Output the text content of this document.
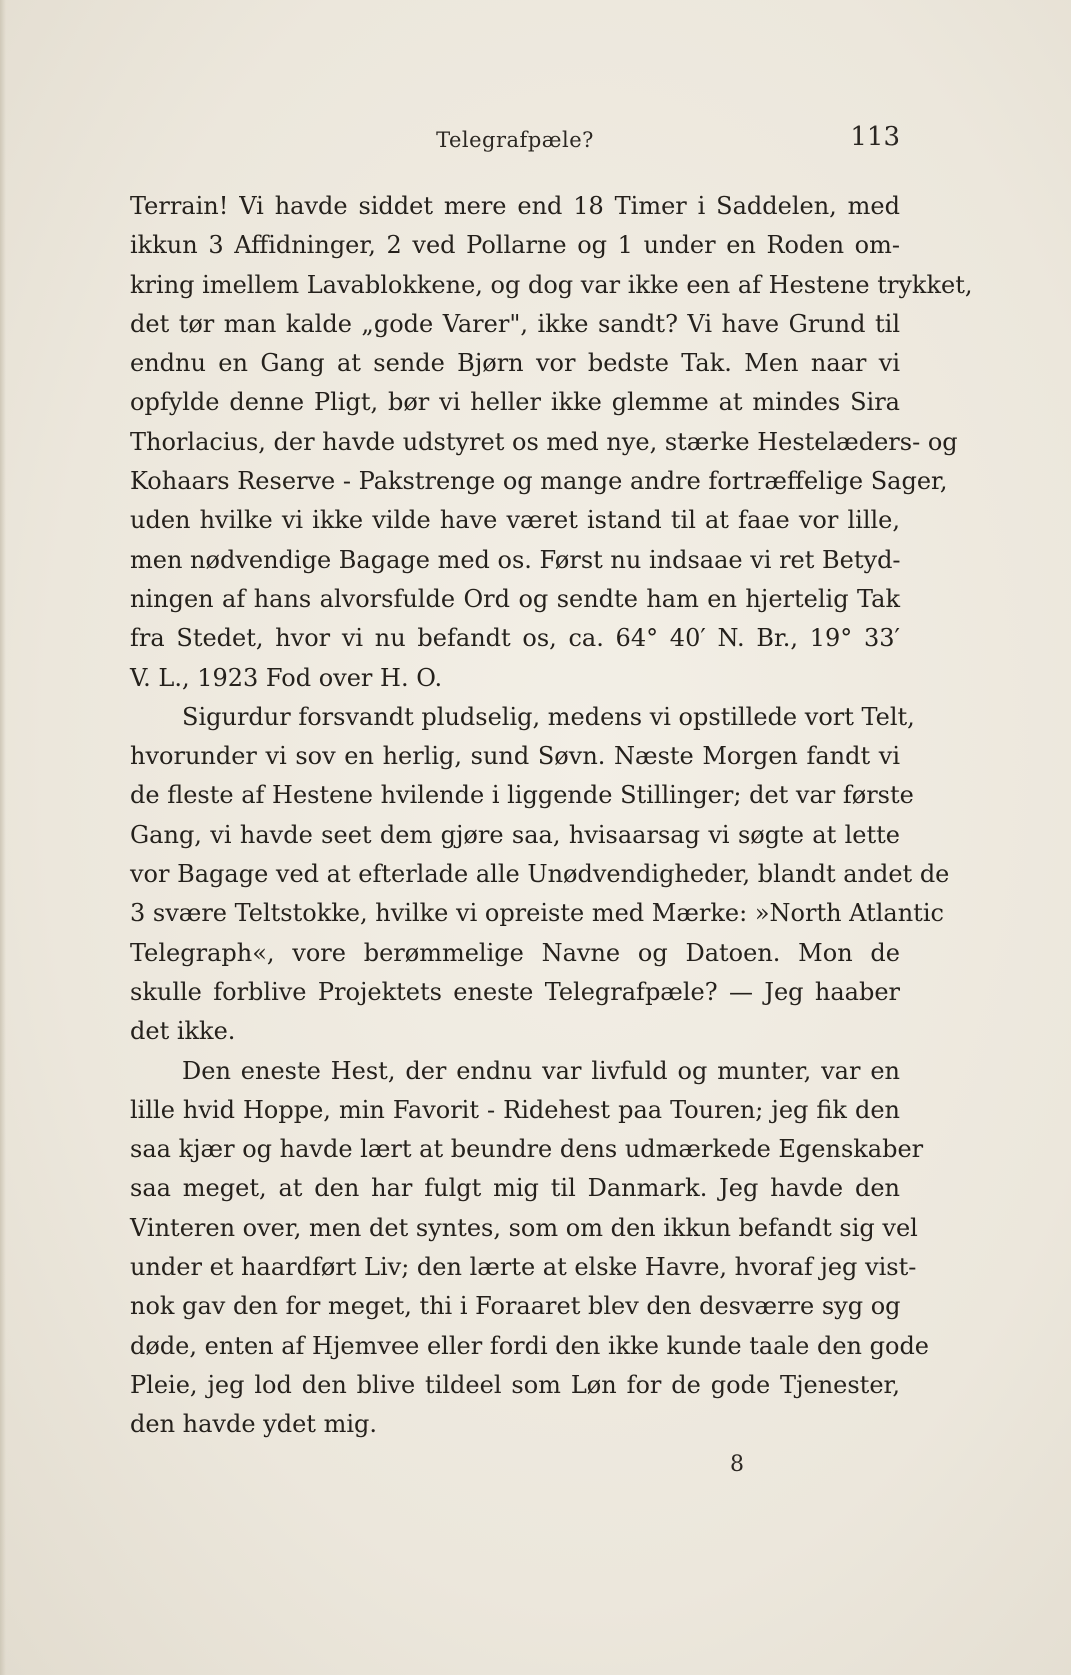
Telegrafpæle?	113
Terrain! Vi havde siddet mere end 18 Timer i Saddelen, med
ikkun 3 Affidninger, 2 ved Pollarne og 1 under en Roden om-
kring imellem Lavablokkene, og dog var ikke een af Hestene trykket,
det tør man kalde „gode Varer", ikke sandt? Vi have Grund til
endnu en Gang at sende Bjørn vor bedste Tak. Men naar vi
opfylde denne Pligt, bør vi heller ikke glemme at mindes Sira
Thorlacius, der havde udstyret os med nye, stærke Hestelæders- og
Kohaars Reserve - Pakstrenge og mange andre fortræffelige Sager,
uden hvilke vi ikke vilde have været istand til at faae vor lille,
men nødvendige Bagage med os. Først nu indsaae vi ret Betyd-
ningen af hans alvorsfulde Ord og sendte ham en hjertelig Tak
fra Stedet, hvor vi nu befandt os, ca. 64° 40′ N. Br., 19° 33′
V. L., 1923 Fod over H. O.
Sigurdur forsvandt pludselig, medens vi opstillede vort Telt,
hvorunder vi sov en herlig, sund Søvn. Næste Morgen fandt vi
de fleste af Hestene hvilende i liggende Stillinger; det var første
Gang, vi havde seet dem gjøre saa, hvisaarsag vi søgte at lette
vor Bagage ved at efterlade alle Unødvendigheder, blandt andet de
3 svære Teltstokke, hvilke vi opreiste med Mærke: »North Atlantic
Telegraph«, vore berømmelige Navne og Datoen. Mon de
skulle forblive Projektets eneste Telegrafpæle? — Jeg haaber
det ikke.
Den eneste Hest, der endnu var livfuld og munter, var en
lille hvid Hoppe, min Favorit - Ridehest paa Touren; jeg fik den
saa kjær og havde lært at beundre dens udmærkede Egenskaber
saa meget, at den har fulgt mig til Danmark. Jeg havde den
Vinteren over, men det syntes, som om den ikkun befandt sig vel
under et haardført Liv; den lærte at elske Havre, hvoraf jeg vist-
nok gav den for meget, thi i Foraaret blev den desværre syg og
døde, enten af Hjemvee eller fordi den ikke kunde taale den gode
Pleie, jeg lod den blive tildeel som Løn for de gode Tjenester,
den havde ydet mig.
8
